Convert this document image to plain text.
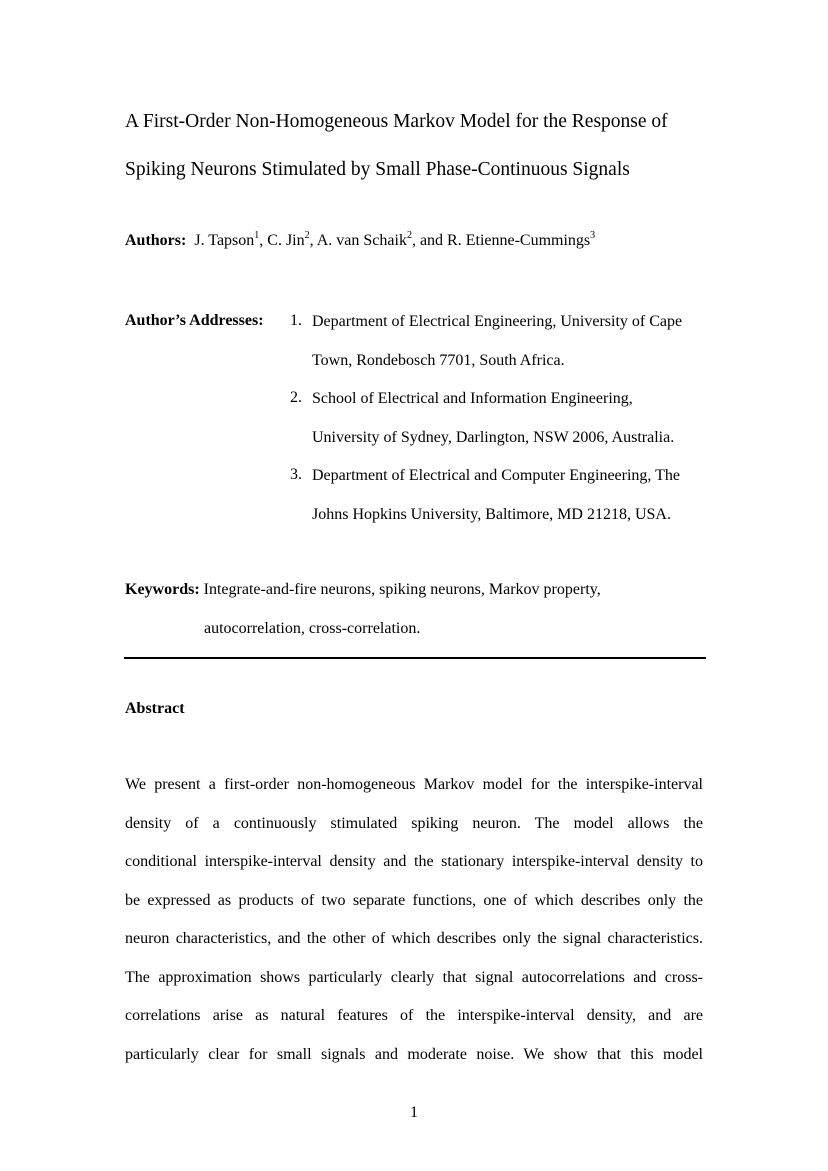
A First-Order Non-Homogeneous Markov Model for the Response of
Spiking Neurons Stimulated by Small Phase-Continuous Signals
Authors: J. Tapson$^1$, C. Jin$^2$, A. van Schaik$^2$, and R. Etienne-Cummings$^3$
Author’s Addresses: 1. Department of Electrical Engineering, University of Cape
Town, Rondebosch 7701, South Africa.
2. School of Electrical and Information Engineering,
University of Sydney, Darlington, NSW 2006, Australia.
3. Department of Electrical and Computer Engineering, The
Johns Hopkins University, Baltimore, MD 21218, USA.
Keywords: Integrate-and-fire neurons, spiking neurons, Markov property,
autocorrelation, cross-correlation.
Abstract
We present a first-order non-homogeneous Markov model for the interspike-interval
density of a continuously stimulated spiking neuron. The model allows the
conditional interspike-interval density and the stationary interspike-interval density to
be expressed as products of two separate functions, one of which describes only the
neuron characteristics, and the other of which describes only the signal characteristics.
The approximation shows particularly clearly that signal autocorrelations and cross-
correlations arise as natural features of the interspike-interval density, and are
particularly clear for small signals and moderate noise. We show that this model
1
